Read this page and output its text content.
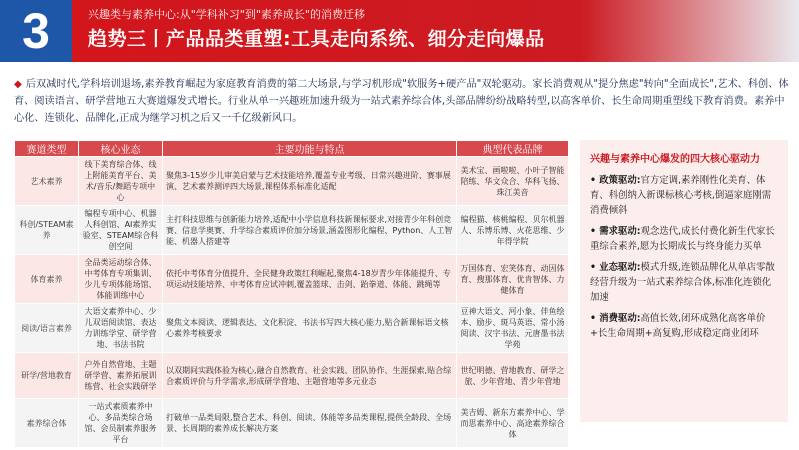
3	兴趣类与素养中心:从"学科补习"到"素养成长"的消费迁移
趋势三丨产品品类重塑:工具走向系统、细分走向爆品
◆ 后双减时代,学科培训退场,素养教育崛起为家庭教育消费的第二大场景,与学习机形成"软服务+硬产品"双轮驱动。家长消费观从"提分焦虑"转向"全面成长",艺术、科创、体育、阅读语言、研学营地五大赛道爆发式增长。行业从单一兴趣班加速升级为一站式素养综合体,头部品牌纷纷战略转型,以高客单价、长生命周期重塑线下教育消费。素养中心化、连锁化、品牌化,正成为继学习机之后又一千亿级新风口。
赛道类型	核心业态	主要功能与特点	典型代表品牌
艺术素养	线下美育综合体、线上附能美育平台、美术/音乐/舞蹈专项中心	聚焦3-15岁少儿审美启蒙与艺术技能培养,覆盖专业考级、日常兴趣进阶、赛事展演、艺术素养测评四大场景,课程体系标准化适配	美术宝、画啦啦、小叶子智能陪练、华文众合、华科飞扬、珠江美音
科创/STEAM素养	编程专项中心、机器人科创馆、AI素养实验室、STEAM综合科创空间	主打科技思维与创新能力培养,适配中小学信息科技新课标要求,对接青少年科创竞赛、信息学奥赛、升学综合素质评价加分场景,涵盖图形化编程、Python、人工智能、机器人搭建等	编程猫、核桃编程、贝尔机器人、乐博乐博、火花思维、少年得学院
体育素养	全品类运动综合体、中考体育专项集训、少儿专项体能场馆、体能训练中心	依托中考体育分值提升、全民健身政策红利崛起,聚焦4-18岁青少年体能提升、专项运动技能培养、中考体育应试冲刺,覆盖篮球、击剑、跆拳道、体能、跳绳等	万国体育、宏笑体育、动因体育、搜那体育、优肯智体、力健体育
阅读/语言素养	大语文素养中心、少儿双语阅读馆、表达力训练学堂、研学营地、书法书院	聚焦文本阅读、逻辑表达、文化积淀、书法书写四大核心能力,贴合新课标语文核心素养考核要求	豆神大语文、河小象、伴鱼绘本、励步、斑马英语、常小汤阅读、汉字书法、元唐墨书法学苑
研学/营地教育	户外自然营地、主题研学营、素养拓展训练营、社会实践研学	以双期间实践体验为核心,融合自然教育、社会实践、团队协作、生涯探索,贴合综合素质评价与升学需求,形成研学营地、主题营地等多元业态	世纪明德、营地教育、研学之旅、少年营地、青少年营地
素养综合体	一站式素质素养中心、多品类综合场馆、会员制素养服务平台	打破单一品类局限,整合艺术、科创、阅读、体能等多品类课程,提供全龄段、全场景、长周期的素养成长解决方案	美吉姆、新东方素养中心、学而思素养中心、高途素养综合体
兴趣与素养中心爆发的四大核心驱动力
• 政策驱动:官方定调,素养刚性化美育、体育、科创纳入新课标核心考核,倒逼家庭刚需消费倾斜
• 需求驱动:观念迭代,成长付费化新生代家长重综合素养,愿为长期成长与终身能力买单
• 业态驱动:模式升级,连锁品牌化从单店零散经营升级为一站式素养综合体,标准化连锁化加速
• 消费驱动:高值长效,闭环成熟化高客单价+长生命周期+高复购,形成稳定商业闭环
